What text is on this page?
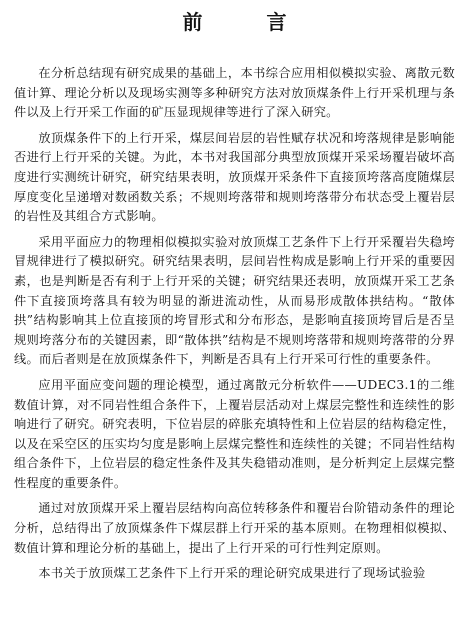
前　言

在分析总结现有研究成果的基础上，本书综合应用相似模拟实验、离散元数值计算、理论分析以及现场实测等多种研究方法对放顶煤条件上行开采机理与条件以及上行开采工作面的矿压显现规律等进行了深入研究。

放顶煤条件下的上行开采，煤层间岩层的岩性赋存状况和垮落规律是影响能否进行上行开采的关键。为此，本书对我国部分典型放顶煤开采采场覆岩破坏高度进行实测统计研究，研究结果表明，放顶煤开采条件下直接顶垮落高度随煤层厚度变化呈递增对数函数关系；不规则垮落带和规则垮落带分布状态受上覆岩层的岩性及其组合方式影响。

采用平面应力的物理相似模拟实验对放顶煤工艺条件下上行开采覆岩失稳垮冒规律进行了模拟研究。研究结果表明，层间岩性构成是影响上行开采的重要因素，也是判断是否有利于上行开采的关键；研究结果还表明，放顶煤开采工艺条件下直接顶垮落具有较为明显的渐进流动性，从而易形成散体拱结构。“散体拱”结构影响其上位直接顶的垮冒形式和分布形态，是影响直接顶垮冒后是否呈规则垮落分布的关键因素，即“散体拱”结构是不规则垮落带和规则垮落带的分界线。而后者则是在放顶煤条件下，判断是否具有上行开采可行性的重要条件。

应用平面应变问题的理论模型，通过离散元分析软件——UDEC3.1的二维数值计算，对不同岩性组合条件下，上覆岩层活动对上煤层完整性和连续性的影响进行了研究。研究表明，下位岩层的碎胀充填特性和上位岩层的结构稳定性，以及在采空区的压实均匀度是影响上层煤完整性和连续性的关键；不同岩性结构组合条件下，上位岩层的稳定性条件及其失稳错动准则，是分析判定上层煤完整性程度的重要条件。

通过对放顶煤开采上覆岩层结构向高位转移条件和覆岩台阶错动条件的理论分析，总结得出了放顶煤条件下煤层群上行开采的基本原则。在物理相似模拟、数值计算和理论分析的基础上，提出了上行开采的可行性判定原则。

本书关于放顶煤工艺条件下上行开采的理论研究成果进行了现场试验验
